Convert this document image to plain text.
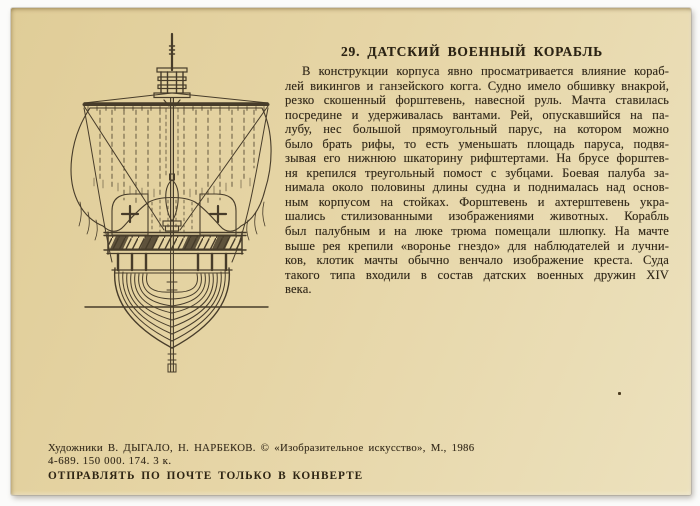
29. ДАТСКИЙ ВОЕННЫЙ КОРАБЛЬ
В конструкции корпуса явно просматривается влияние кораб-
лей викингов и ганзейского когга. Судно имело обшивку внакрой,
резко скошенный форштевень, навесной руль. Мачта ставилась
посредине и удерживалась вантами. Рей, опускавшийся на па-
лубу, нес большой прямоугольный парус, на котором можно
было брать рифы, то есть уменьшать площадь паруса, подвя-
зывая его нижнюю шкаторину рифштертами. На брусе форштев-
ня крепился треугольный помост с зубцами. Боевая палуба за-
нимала около половины длины судна и поднималась над основ-
ным корпусом на стойках. Форштевень и ахтерштевень укра-
шались стилизованными изображениями животных. Корабль
был палубным и на люке трюма помещали шлюпку. На мачте
выше рея крепили «воронье гнездо» для наблюдателей и лучни-
ков, клотик мачты обычно венчало изображение креста. Суда
такого типа входили в состав датских военных дружин XIV
века.
Художники В. ДЫГАЛО, Н. НАРБЕКОВ. © «Изобразительное искусство», М., 1986
4-689. 150 000. 174. 3 к.
ОТПРАВЛЯТЬ ПО ПОЧТЕ ТОЛЬКО В КОНВЕРТЕ
